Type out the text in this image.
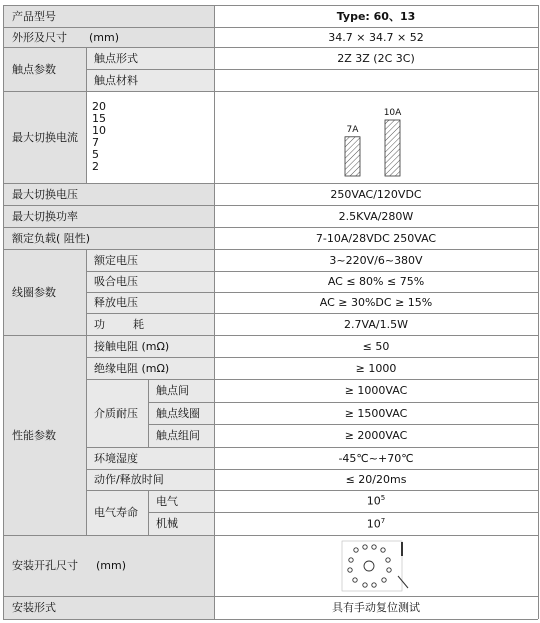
产品型号	Type: 60、13
外形及尺寸 (mm)	34.7 × 34.7 × 52
触点参数
触点形式	2Z 3Z (2C 3C)
触点材料
最大切换电流
20
15
10
7
5
2
7A
10A
最大切换电压	250VAC/120VDC
最大切换功率	2.5KVA/280W
额定负载( 阻性)	7-10A/28VDC 250VAC
线圈参数
额定电压	3~220V/6~380V
吸合电压	AC ≤ 80% ≤ 75%
释放电压	AC ≥ 30%DC ≥ 15%
功        耗	2.7VA/1.5W
性能参数
接触电阻 (mΩ)	≤ 50
绝缘电阻 (mΩ)	≥ 1000
介质耐压
触点间	≥ 1000VAC
触点线圈	≥ 1500VAC
触点组间	≥ 2000VAC
环境湿度	-45℃~+70℃
动作/释放时间	≤ 20/20ms
电气寿命
电气	$10^5$
机械	$10^7$
安装开孔尺寸 (mm)
安装形式	具有手动复位测试
